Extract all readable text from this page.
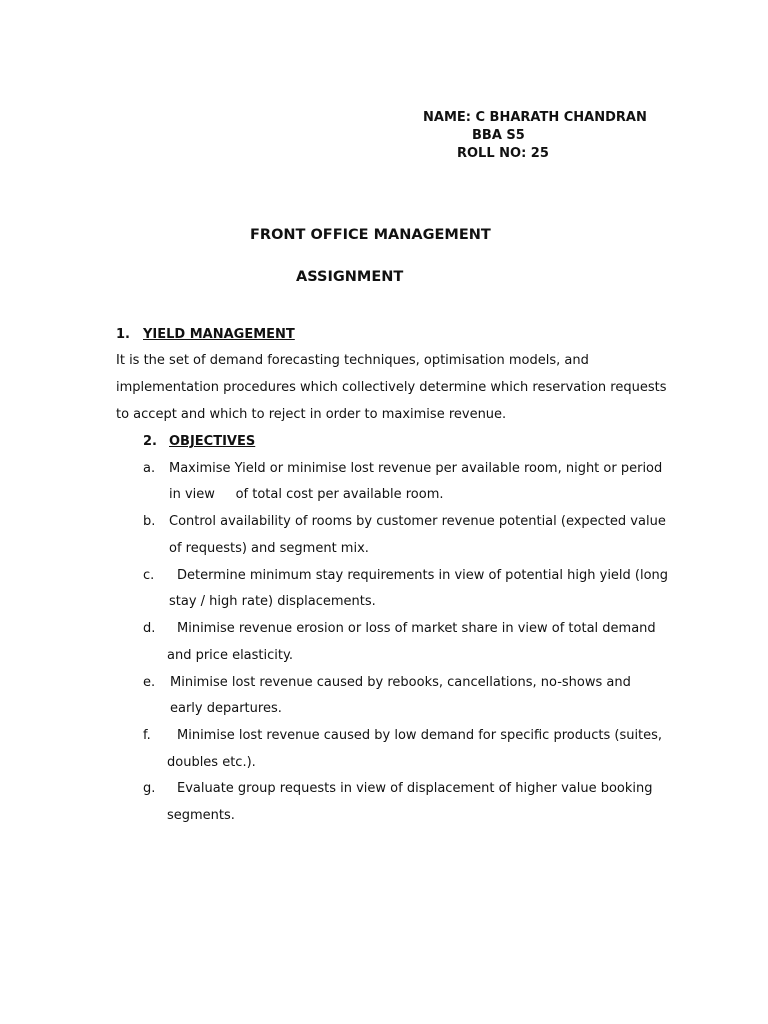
NAME: C BHARATH CHANDRAN
BBA S5
ROLL NO: 25
FRONT OFFICE MANAGEMENT
ASSIGNMENT
1. YIELD MANAGEMENT
It is the set of demand forecasting techniques, optimisation models, and
implementation procedures which collectively determine which reservation requests
to accept and which to reject in order to maximise revenue.
2. OBJECTIVES
a. Maximise Yield or minimise lost revenue per available room, night or period
in view     of total cost per available room.
b. Control availability of rooms by customer revenue potential (expected value
of requests) and segment mix.
c. Determine minimum stay requirements in view of potential high yield (long
stay / high rate) displacements.
d. Minimise revenue erosion or loss of market share in view of total demand
and price elasticity.
e. Minimise lost revenue caused by rebooks, cancellations, no-shows and
early departures.
f. Minimise lost revenue caused by low demand for specific products (suites,
doubles etc.).
g. Evaluate group requests in view of displacement of higher value booking
segments.
